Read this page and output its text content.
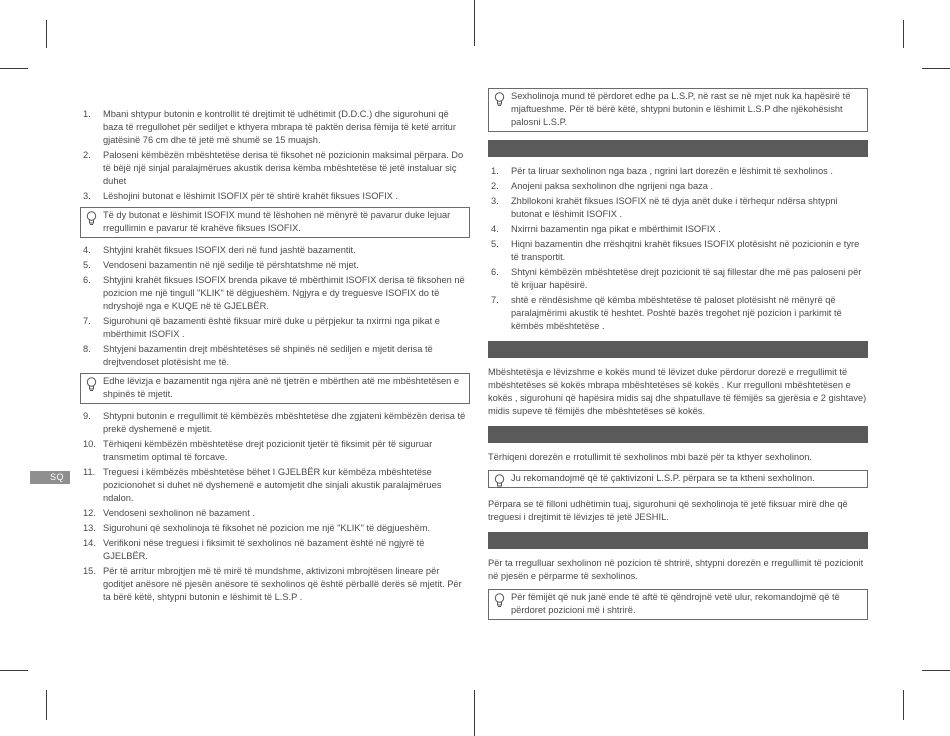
SQ
1. Mbani shtypur butonin e kontrollit të drejtimit të udhëtimit (D.D.C.) dhe sigurohuni që baza të rregullohet për sediljet e kthyera mbrapa të paktën derisa fëmija të ketë arritur gjatësinë 76 cm dhe të jetë më shumë se 15 muajsh.
2. Paloseni këmbëzën mbështetëse derisa të fiksohet në pozicionin maksimal përpara. Do të bëjë një sinjal paralajmërues akustik derisa këmba mbështetëse të jetë instaluar siç duhet
3. Lëshojini butonat e lëshimit ISOFIX për të shtirë krahët fiksues ISOFIX .
Të dy butonat e lëshimit ISOFIX mund të lëshohen në mënyrë të pavarur duke lejuar rregullimin e pavarur të krahëve fiksues ISOFIX.
4. Shtyjini krahët fiksues ISOFIX deri në fund jashtë bazamentit.
5. Vendoseni bazamentin në një sedilje të përshtatshme në mjet.
6. Shtyjini krahët fiksues ISOFIX brenda pikave të mbërthimit ISOFIX derisa të fiksohen në pozicion me një tingull "KLIK" të dëgjueshëm. Ngjyra e dy treguesve ISOFIX do të ndryshojë nga e KUQE në të GJELBËR.
7. Sigurohuni që bazamenti është fiksuar mirë duke u përpjekur ta nxirrni nga pikat e mbërthimit ISOFIX .
8. Shtyjeni bazamentin drejt mbështetëses së shpinës në sediljen e mjetit derisa të drejtvendoset plotësisht me të.
Edhe lëvizja e bazamentit nga njëra anë në tjetrën e mbërthen atë me mbështetësen e shpinës të mjetit.
9. Shtypni butonin e rregullimit të këmbëzës mbështetëse dhe zgjateni këmbëzën derisa të prekë dyshemenë e mjetit.
10. Tërhiqeni këmbëzën mbështetëse drejt pozicionit tjetër të fiksimit për të siguruar transmetim optimal të forcave.
11. Treguesi i këmbëzës mbështetëse bëhet I GJELBËR kur këmbëza mbështetëse pozicionohet si duhet në dyshemenë e automjetit dhe sinjali akustik paralajmërues ndalon.
12. Vendoseni sexholinon në bazament .
13. Sigurohuni që sexholinoja të fiksohet në pozicion me një "KLIK" të dëgjueshëm.
14. Verifikoni nëse treguesi i fiksimit të sexholinos në bazament është në ngjyrë të GJELBËR.
15. Për të arritur mbrojtjen më të mirë të mundshme, aktivizoni mbrojtësen lineare për goditjet anësore në pjesën anësore të sexholinos që është përballë derës së mjetit. Për ta bërë këtë, shtypni butonin e lëshimit të L.S.P .
Sexholinoja mund të përdoret edhe pa L.S.P, në rast se në mjet nuk ka hapësirë të mjaftueshme. Për të bërë këtë, shtypni butonin e lëshimit L.S.P dhe njëkohësisht palosni L.S.P.
1. Për ta liruar sexholinon nga baza , ngrini lart dorezën e lëshimit të sexholinos .
2. Anojeni paksa sexholinon dhe ngrijeni nga baza .
3. Zhbllokoni krahët fiksues ISOFIX në të dyja anët duke i tërhequr ndërsa shtypni butonat e lëshimit ISOFIX .
4. Nxirrni bazamentin nga pikat e mbërthimit ISOFIX .
5. Hiqni bazamentin dhe rrëshqitni krahët fiksues ISOFIX plotësisht në pozicionin e tyre të transportit.
6. Shtyni këmbëzën mbështetëse drejt pozicionit të saj fillestar dhe më pas paloseni për të krijuar hapësirë.
7. shtë e rëndësishme që këmba mbështetëse të paloset plotësisht në mënyrë që paralajmërimi akustik të heshtet. Poshtë bazës tregohet një pozicion i parkimit të këmbës mbështetëse .

Mbështetësja e lëvizshme e kokës mund të lëvizet duke përdorur dorezë e rregullimit të mbështetëses së kokës mbrapa mbështetëses së kokës . Kur rregulloni mbështetësen e kokës , sigurohuni që hapësira midis saj dhe shpatullave të fëmijës sa gjerësia e 2 gishtave) midis supeve të fëmijës dhe mbështetëses së kokës.

Tërhiqeni dorezën e rrotullimit të sexholinos mbi bazë për ta kthyer sexholinon.

Ju rekomandojmë që të çaktivizoni L.S.P. përpara se ta ktheni sexholinon.

Përpara se të filloni udhëtimin tuaj, sigurohuni që sexholinoja të jetë fiksuar mirë dhe që treguesi i drejtimit të lëvizjes të jetë JESHIL.

Për ta rregulluar sexholinon në pozicion të shtrirë, shtypni dorezën e rregullimit të pozicionit në pjesën e përparme të sexholinos.

Për fëmijët që nuk janë ende të aftë të qëndrojnë vetë ulur, rekomandojmë që të përdoret pozicioni më i shtrirë.
